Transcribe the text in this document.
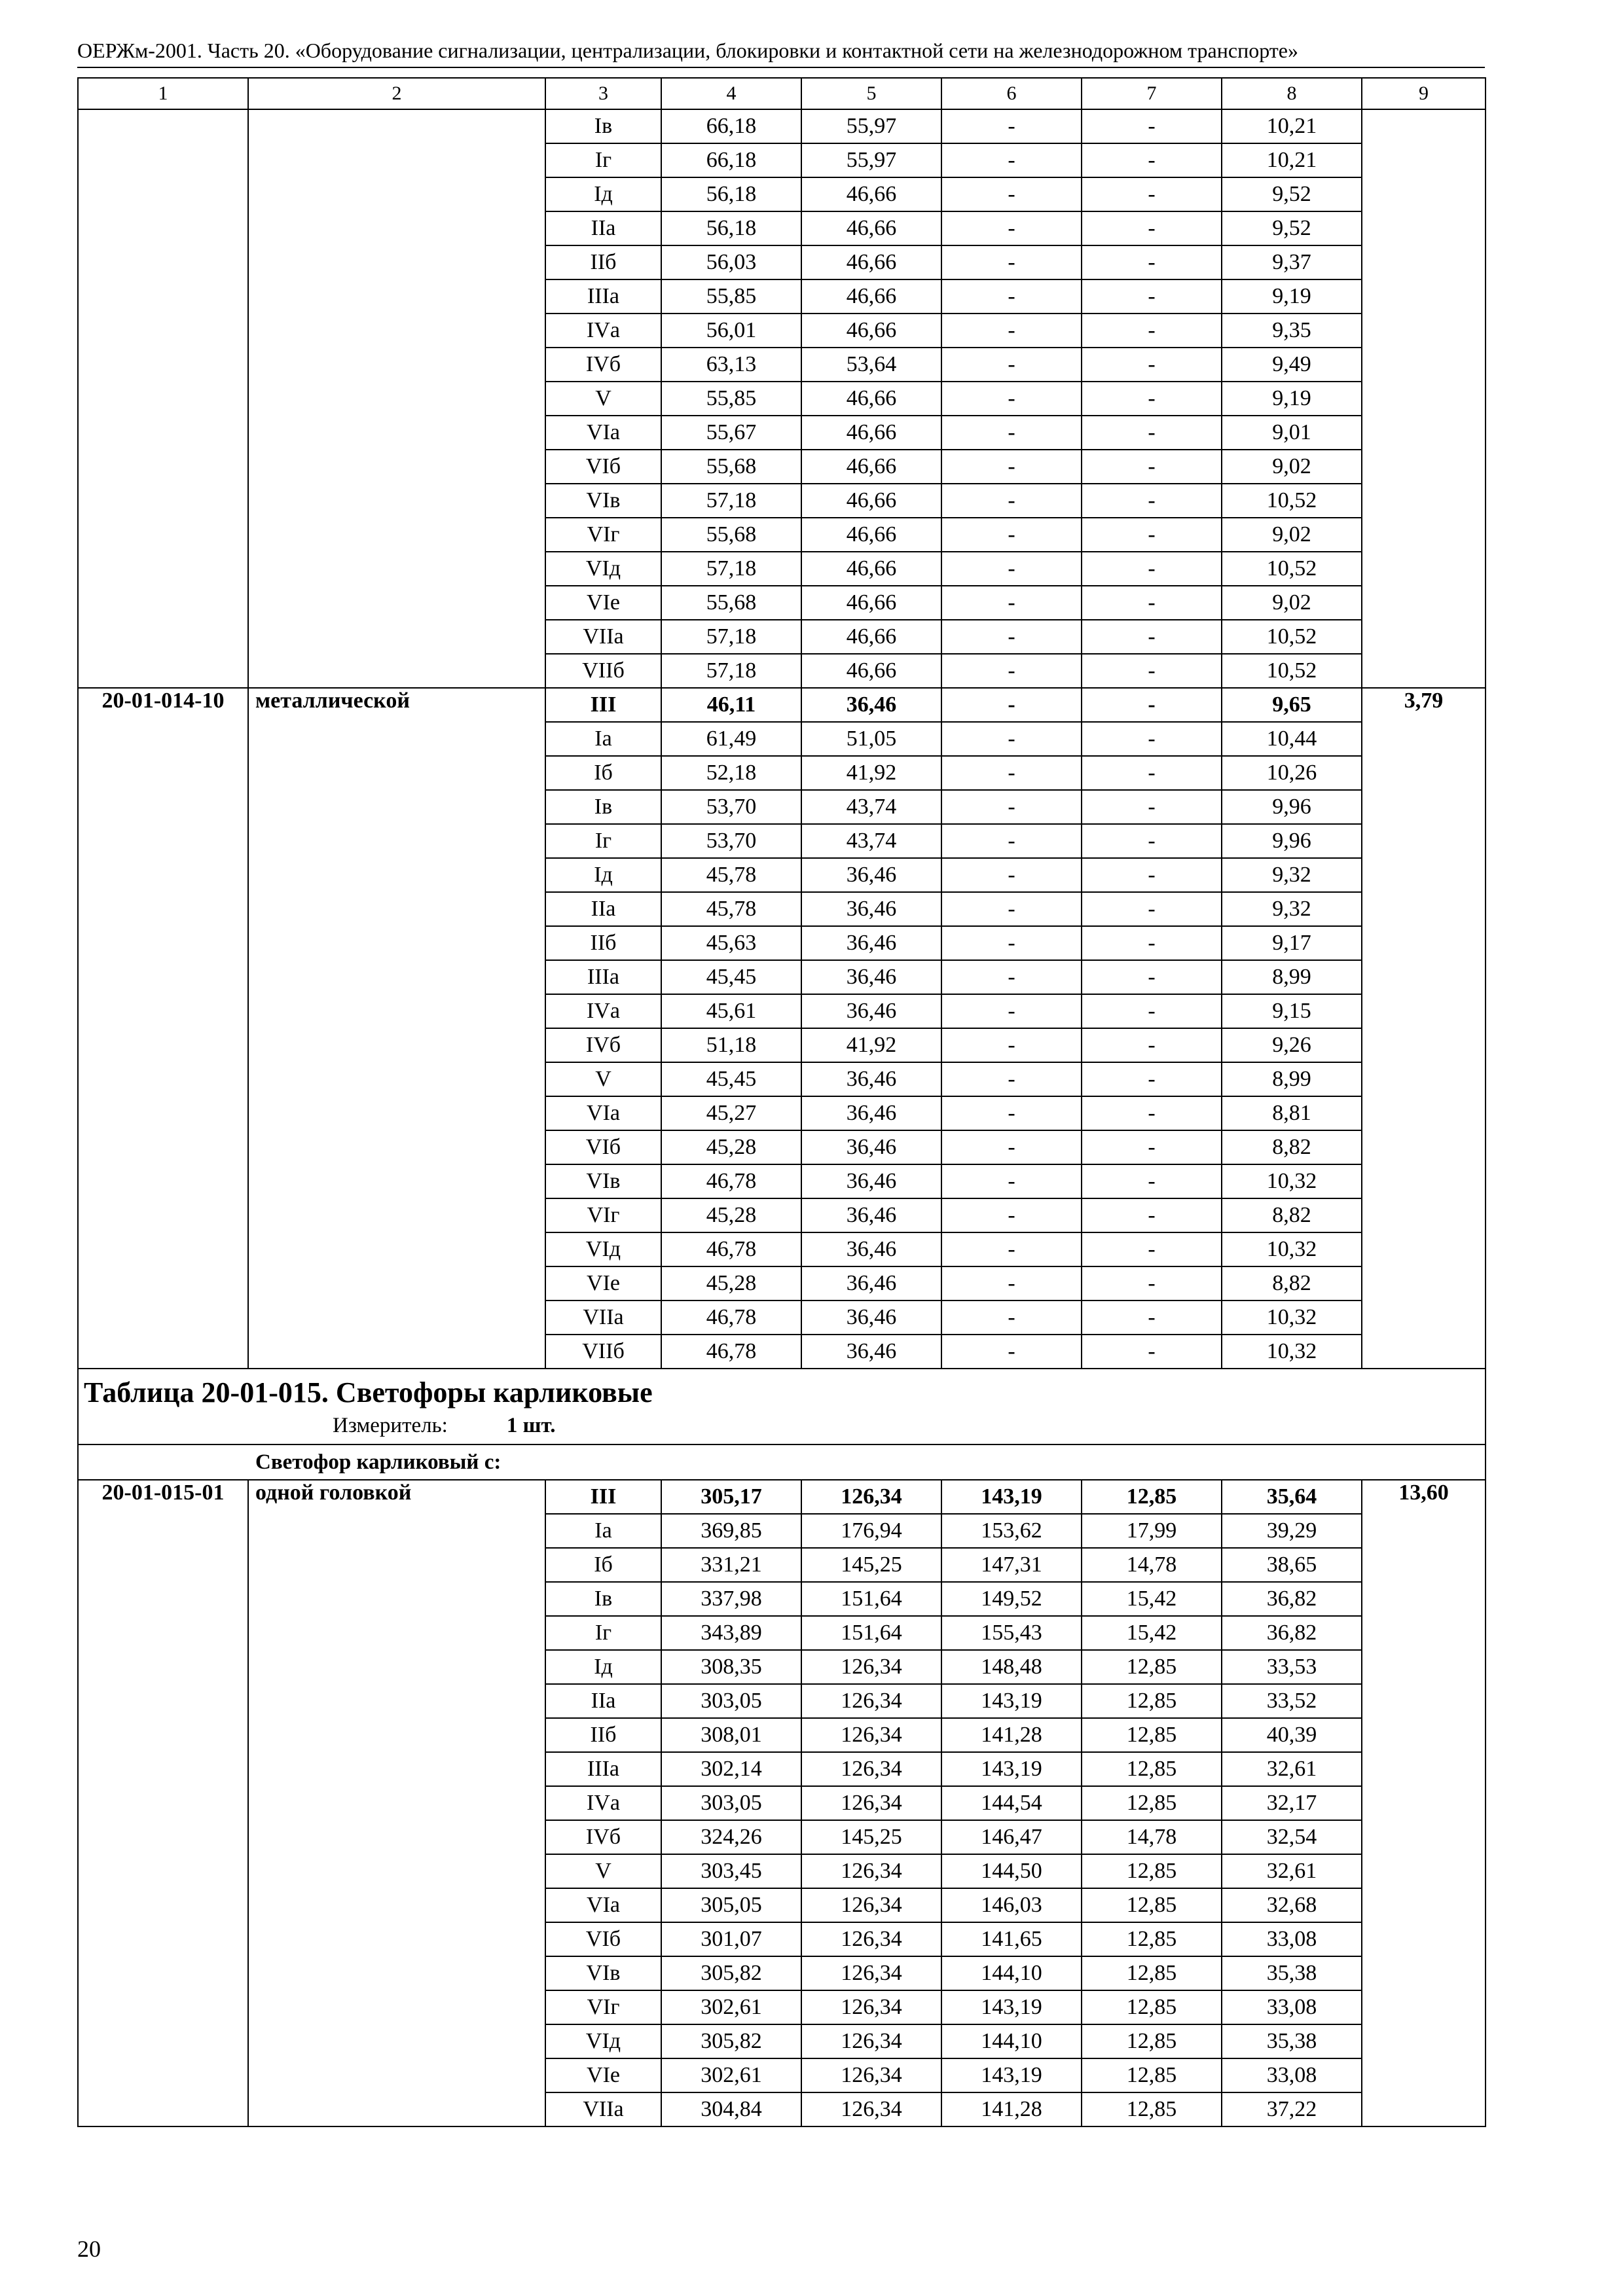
ОЕРЖм-2001. Часть 20. «Оборудование сигнализации, централизации, блокировки и контактной сети на железнодорожном транспорте»
1	2	3	4	5	6	7	8	9
		Iв	66,18	55,97	-	-	10,21	
		Iг	66,18	55,97	-	-	10,21	
		Iд	56,18	46,66	-	-	9,52	
		IIа	56,18	46,66	-	-	9,52	
		IIб	56,03	46,66	-	-	9,37	
		IIIа	55,85	46,66	-	-	9,19	
		IVа	56,01	46,66	-	-	9,35	
		IVб	63,13	53,64	-	-	9,49	
		V	55,85	46,66	-	-	9,19	
		VIа	55,67	46,66	-	-	9,01	
		VIб	55,68	46,66	-	-	9,02	
		VIв	57,18	46,66	-	-	10,52	
		VIг	55,68	46,66	-	-	9,02	
		VIд	57,18	46,66	-	-	10,52	
		VIе	55,68	46,66	-	-	9,02	
		VIIа	57,18	46,66	-	-	10,52	
		VIIб	57,18	46,66	-	-	10,52	
20-01-014-10	металлической	III	46,11	36,46	-	-	9,65	3,79
		Iа	61,49	51,05	-	-	10,44	
		Iб	52,18	41,92	-	-	10,26	
		Iв	53,70	43,74	-	-	9,96	
		Iг	53,70	43,74	-	-	9,96	
		Iд	45,78	36,46	-	-	9,32	
		IIа	45,78	36,46	-	-	9,32	
		IIб	45,63	36,46	-	-	9,17	
		IIIа	45,45	36,46	-	-	8,99	
		IVа	45,61	36,46	-	-	9,15	
		IVб	51,18	41,92	-	-	9,26	
		V	45,45	36,46	-	-	8,99	
		VIа	45,27	36,46	-	-	8,81	
		VIб	45,28	36,46	-	-	8,82	
		VIв	46,78	36,46	-	-	10,32	
		VIг	45,28	36,46	-	-	8,82	
		VIд	46,78	36,46	-	-	10,32	
		VIе	45,28	36,46	-	-	8,82	
		VIIа	46,78	36,46	-	-	10,32	
		VIIб	46,78	36,46	-	-	10,32	

Таблица 20-01-015. Светофоры карликовые
Измеритель: 1 шт.								

Светофор карликовый с:								
20-01-015-01	одной головкой	III	305,17	126,34	143,19	12,85	35,64	13,60
		Iа	369,85	176,94	153,62	17,99	39,29	
		Iб	331,21	145,25	147,31	14,78	38,65	
		Iв	337,98	151,64	149,52	15,42	36,82	
		Iг	343,89	151,64	155,43	15,42	36,82	
		Iд	308,35	126,34	148,48	12,85	33,53	
		IIа	303,05	126,34	143,19	12,85	33,52	
		IIб	308,01	126,34	141,28	12,85	40,39	
		IIIа	302,14	126,34	143,19	12,85	32,61	
		IVа	303,05	126,34	144,54	12,85	32,17	
		IVб	324,26	145,25	146,47	14,78	32,54	
		V	303,45	126,34	144,50	12,85	32,61	
		VIа	305,05	126,34	146,03	12,85	32,68	
		VIб	301,07	126,34	141,65	12,85	33,08	
		VIв	305,82	126,34	144,10	12,85	35,38	
		VIг	302,61	126,34	143,19	12,85	33,08	
		VIд	305,82	126,34	144,10	12,85	35,38	
		VIе	302,61	126,34	143,19	12,85	33,08	
		VIIа	304,84	126,34	141,28	12,85	37,22	
20
